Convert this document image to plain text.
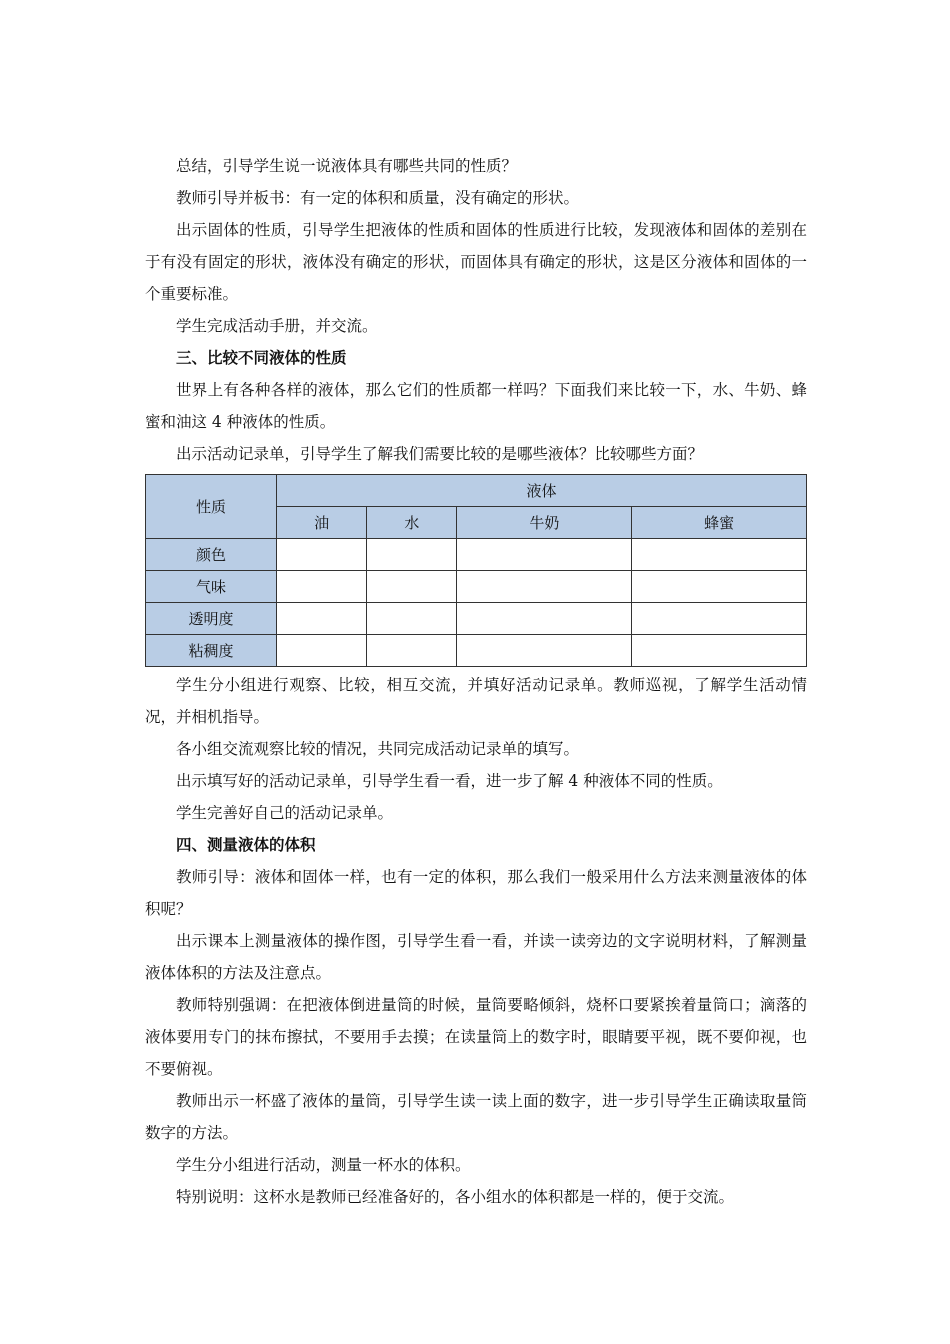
总结，引导学生说一说液体具有哪些共同的性质？

教师引导并板书：有一定的体积和质量，没有确定的形状。

出示固体的性质，引导学生把液体的性质和固体的性质进行比较，发现液体和固体的差别在于有没有固定的形状，液体没有确定的形状，而固体具有确定的形状，这是区分液体和固体的一个重要标准。

学生完成活动手册，并交流。

三、比较不同液体的性质

世界上有各种各样的液体，那么它们的性质都一样吗？下面我们来比较一下，水、牛奶、蜂蜜和油这 4 种液体的性质。

出示活动记录单，引导学生了解我们需要比较的是哪些液体？比较哪些方面？

性质	液体			
	油	水	牛奶	蜂蜜
颜色				
气味				
透明度				
粘稠度				

学生分小组进行观察、比较，相互交流，并填好活动记录单。教师巡视，了解学生活动情况，并相机指导。

各小组交流观察比较的情况，共同完成活动记录单的填写。

出示填写好的活动记录单，引导学生看一看，进一步了解 4 种液体不同的性质。

学生完善好自己的活动记录单。

四、测量液体的体积

教师引导：液体和固体一样，也有一定的体积，那么我们一般采用什么方法来测量液体的体积呢？

出示课本上测量液体的操作图，引导学生看一看，并读一读旁边的文字说明材料，了解测量液体体积的方法及注意点。

教师特别强调：在把液体倒进量筒的时候，量筒要略倾斜，烧杯口要紧挨着量筒口；滴落的液体要用专门的抹布擦拭，不要用手去摸；在读量筒上的数字时，眼睛要平视，既不要仰视，也不要俯视。

教师出示一杯盛了液体的量筒，引导学生读一读上面的数字，进一步引导学生正确读取量筒数字的方法。

学生分小组进行活动，测量一杯水的体积。

特别说明：这杯水是教师已经准备好的，各小组水的体积都是一样的，便于交流。
